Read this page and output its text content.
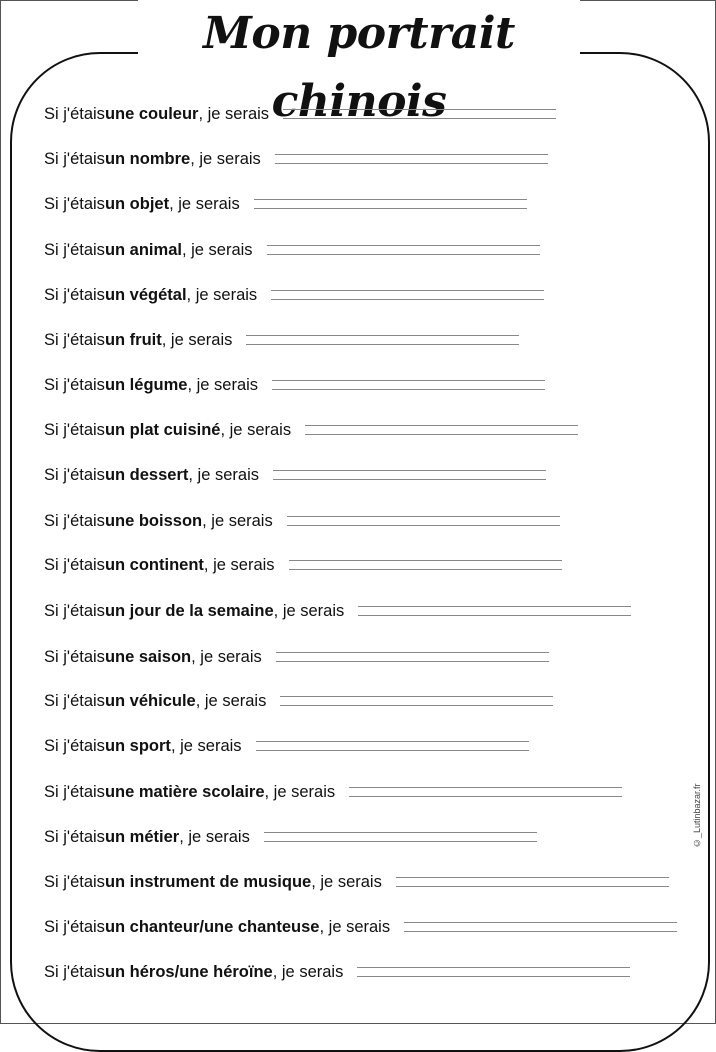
Mon portrait chinois
Si j'étais une couleur , je serais
Si j'étais un nombre , je serais
Si j'étais un objet , je serais
Si j'étais un animal , je serais
Si j'étais un végétal , je serais
Si j'étais un fruit , je serais
Si j'étais un légume , je serais
Si j'étais un plat cuisiné , je serais
Si j'étais un dessert , je serais
Si j'étais une boisson , je serais
Si j'étais un continent , je serais
Si j'étais un jour de la semaine , je serais
Si j'étais une saison , je serais
Si j'étais un véhicule , je serais
Si j'étais un sport , je serais
Si j'étais une matière scolaire , je serais
Si j'étais un métier , je serais
Si j'étais un instrument de musique , je serais
Si j'étais un chanteur/une chanteuse , je serais
Si j'étais un héros/une héroïne , je serais
©_Lutinbazar.fr
